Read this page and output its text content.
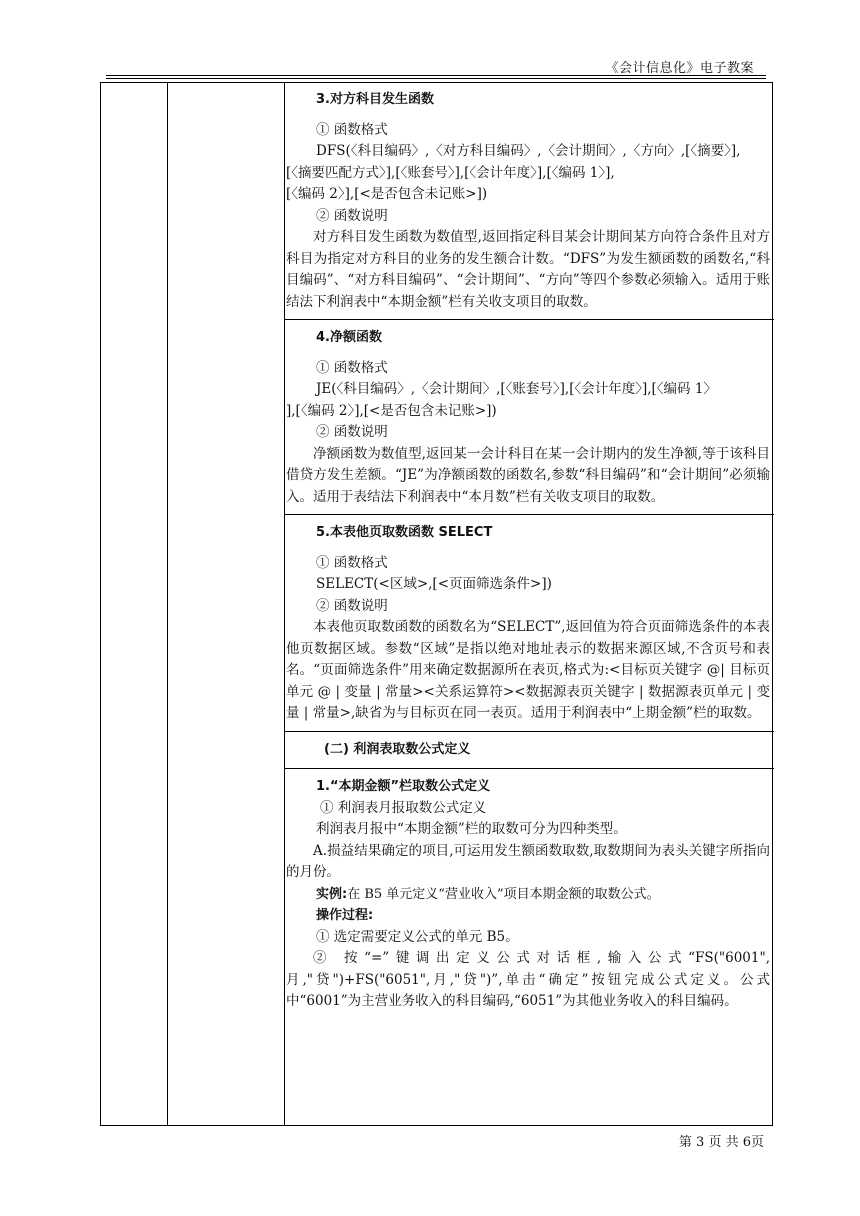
《会计信息化》电子教案

3.对方科目发生函数

① 函数格式

DFS(〈科目编码〉,〈对方科目编码〉,〈会计期间〉,〈方向〉,[〈摘要〉],

[〈摘要匹配方式〉],[〈账套号〉],[〈会计年度〉],[〈编码 1〉],

[〈编码 2〉],[<是否包含未记账>])

② 函数说明

对方科目发生函数为数值型,返回指定科目某会计期间某方向符合条件且对方科目为指定对方科目的业务的发生额合计数。“DFS”为发生额函数的函数名,“科目编码”、“对方科目编码”、“会计期间”、“方向”等四个参数必须输入。适用于账结法下利润表中“本期金额”栏有关收支项目的取数。

4.净额函数

① 函数格式

JE(〈科目编码〉,〈会计期间〉,[〈账套号〉],[〈会计年度〉],[〈编码 1〉

],[〈编码 2〉],[<是否包含未记账>])

② 函数说明

净额函数为数值型,返回某一会计科目在某一会计期内的发生净额,等于该科目借贷方发生差额。“JE”为净额函数的函数名,参数“科目编码”和“会计期间”必须输入。适用于表结法下利润表中“本月数”栏有关收支项目的取数。

5.本表他页取数函数 SELECT

① 函数格式

SELECT(<区域>,[<页面筛选条件>])

② 函数说明

本表他页取数函数的函数名为“SELECT”,返回值为符合页面筛选条件的本表他页数据区域。参数“区域”是指以绝对地址表示的数据来源区域,不含页号和表名。“页面筛选条件”用来确定数据源所在表页,格式为:<目标页关键字 @| 目标页单元 @ | 变量 | 常量><关系运算符><数据源表页关键字 | 数据源表页单元 | 变量 | 常量>,缺省为与目标页在同一表页。适用于利润表中“上期金额”栏的取数。

(二) 利润表取数公式定义

1.“本期金额”栏取数公式定义

① 利润表月报取数公式定义

利润表月报中“本期金额”栏的取数可分为四种类型。

A.损益结果确定的项目,可运用发生额函数取数,取数期间为表头关键字所指向的月份。

实例:在 B5 单元定义“营业收入”项目本期金额的取数公式。

操作过程:

① 选定需要定义公式的单元 B5。

② 按“=”键调出定义公式对话框,输入公式“FS("6001",月,"贷")+FS("6051",月,"贷")”,单击“确定”按钮完成公式定义。公式中“6001”为主营业务收入的科目编码,“6051”为其他业务收入的科目编码。

第 3 页 共 6页
